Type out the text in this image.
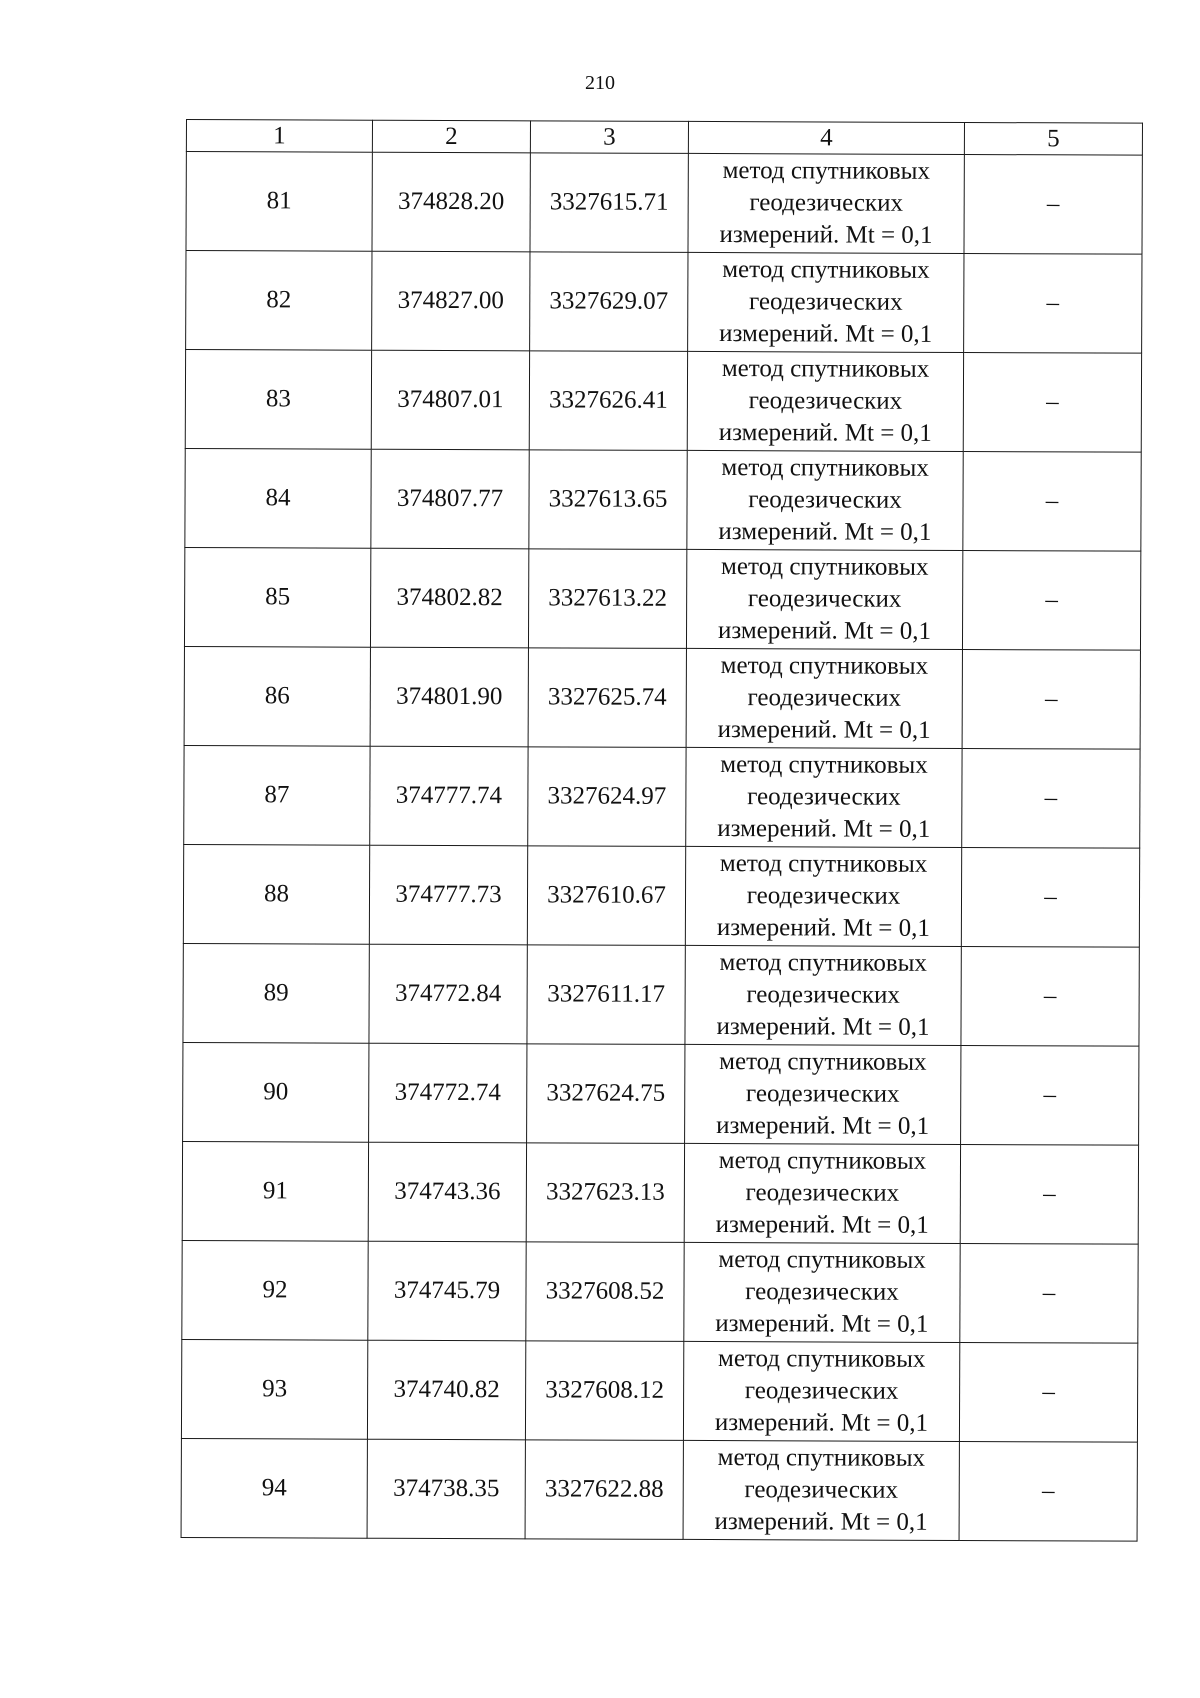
210
1	2	3	4	5
81	374828.20	3327615.71	метод спутниковых
геодезических
измерений. Mt = 0,1	–
82	374827.00	3327629.07	метод спутниковых
геодезических
измерений. Mt = 0,1	–
83	374807.01	3327626.41	метод спутниковых
геодезических
измерений. Mt = 0,1	–
84	374807.77	3327613.65	метод спутниковых
геодезических
измерений. Mt = 0,1	–
85	374802.82	3327613.22	метод спутниковых
геодезических
измерений. Mt = 0,1	–
86	374801.90	3327625.74	метод спутниковых
геодезических
измерений. Mt = 0,1	–
87	374777.74	3327624.97	метод спутниковых
геодезических
измерений. Mt = 0,1	–
88	374777.73	3327610.67	метод спутниковых
геодезических
измерений. Mt = 0,1	–
89	374772.84	3327611.17	метод спутниковых
геодезических
измерений. Mt = 0,1	–
90	374772.74	3327624.75	метод спутниковых
геодезических
измерений. Mt = 0,1	–
91	374743.36	3327623.13	метод спутниковых
геодезических
измерений. Mt = 0,1	–
92	374745.79	3327608.52	метод спутниковых
геодезических
измерений. Mt = 0,1	–
93	374740.82	3327608.12	метод спутниковых
геодезических
измерений. Mt = 0,1	–
94	374738.35	3327622.88	метод спутниковых
геодезических
измерений. Mt = 0,1	–
